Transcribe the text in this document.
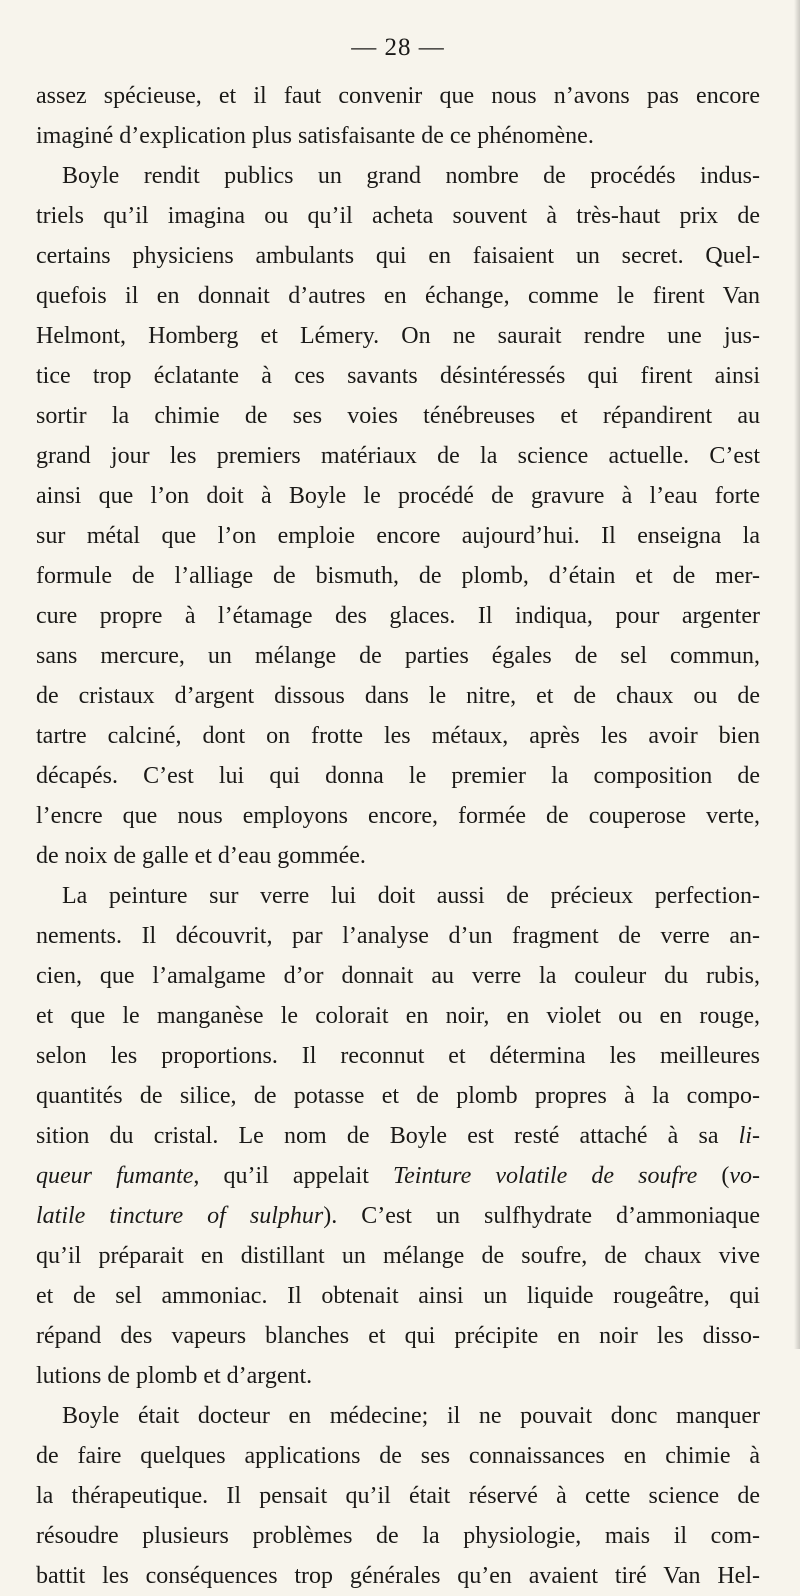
— 28 —
assez spécieuse, et il faut convenir que nous n’avons pas encore
imaginé d’explication plus satisfaisante de ce phénomène.
Boyle rendit publics un grand nombre de procédés indus-
triels qu’il imagina ou qu’il acheta souvent à très-haut prix de
certains physiciens ambulants qui en faisaient un secret. Quel-
quefois il en donnait d’autres en échange, comme le firent Van
Helmont, Homberg et Lémery. On ne saurait rendre une jus-
tice trop éclatante à ces savants désintéressés qui firent ainsi
sortir la chimie de ses voies ténébreuses et répandirent au
grand jour les premiers matériaux de la science actuelle. C’est
ainsi que l’on doit à Boyle le procédé de gravure à l’eau forte
sur métal que l’on emploie encore aujourd’hui. Il enseigna la
formule de l’alliage de bismuth, de plomb, d’étain et de mer-
cure propre à l’étamage des glaces. Il indiqua, pour argenter
sans mercure, un mélange de parties égales de sel commun,
de cristaux d’argent dissous dans le nitre, et de chaux ou de
tartre calciné, dont on frotte les métaux, après les avoir bien
décapés. C’est lui qui donna le premier la composition de
l’encre que nous employons encore, formée de couperose verte,
de noix de galle et d’eau gommée.
La peinture sur verre lui doit aussi de précieux perfection-
nements. Il découvrit, par l’analyse d’un fragment de verre an-
cien, que l’amalgame d’or donnait au verre la couleur du rubis,
et que le manganèse le colorait en noir, en violet ou en rouge,
selon les proportions. Il reconnut et détermina les meilleures
quantités de silice, de potasse et de plomb propres à la compo-
sition du cristal. Le nom de Boyle est resté attaché à sa li-
queur fumante, qu’il appelait Teinture volatile de soufre (vo-
latile tincture of sulphur). C’est un sulfhydrate d’ammoniaque
qu’il préparait en distillant un mélange de soufre, de chaux vive
et de sel ammoniac. Il obtenait ainsi un liquide rougeâtre, qui
répand des vapeurs blanches et qui précipite en noir les disso-
lutions de plomb et d’argent.
Boyle était docteur en médecine; il ne pouvait donc manquer
de faire quelques applications de ses connaissances en chimie à
la thérapeutique. Il pensait qu’il était réservé à cette science de
résoudre plusieurs problèmes de la physiologie, mais il com-
battit les conséquences trop générales qu’en avaient tiré Van Hel-
